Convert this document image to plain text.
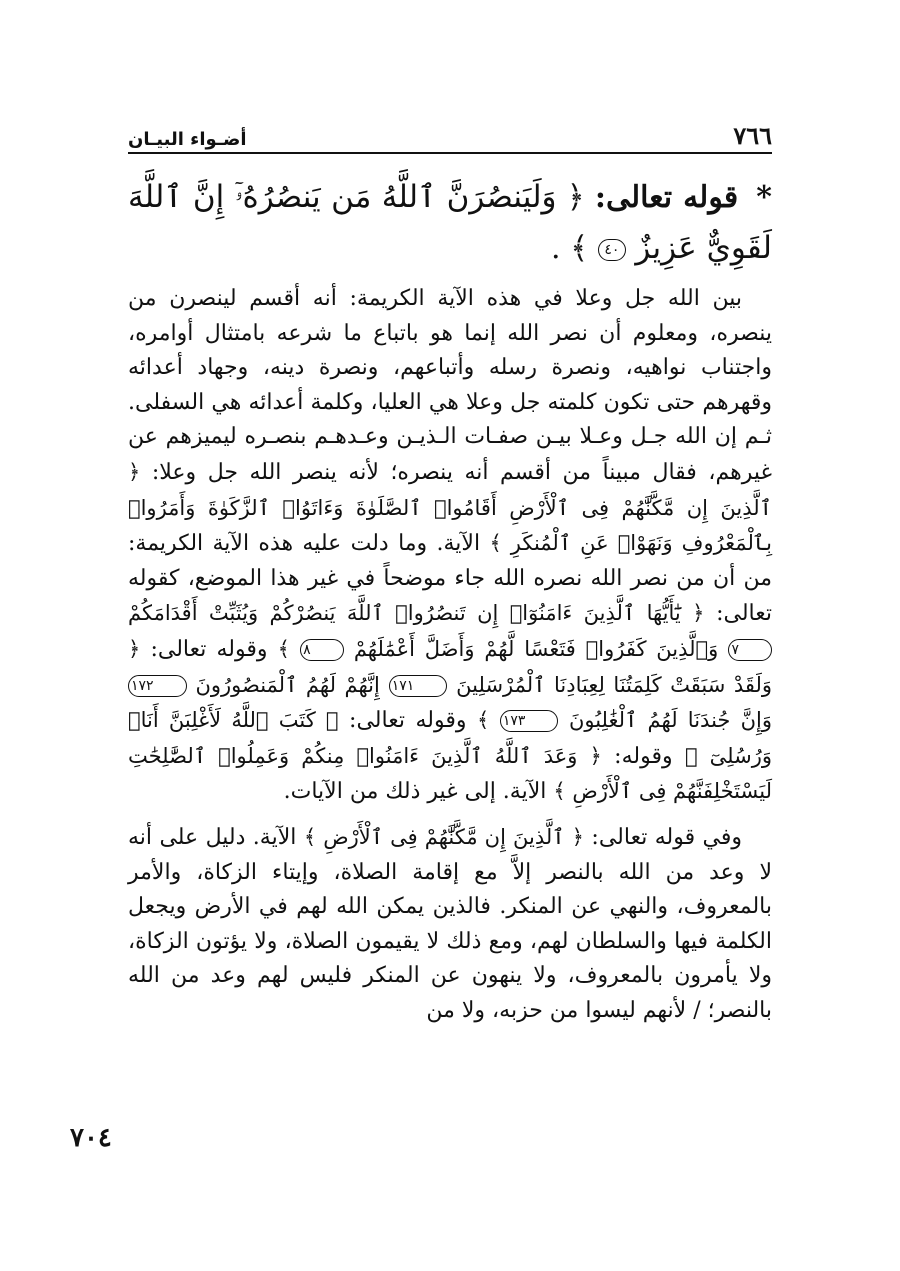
٧٦٦
أضـواء البيـان
* قوله تعالى: ﴿ وَلَيَنصُرَنَّ ٱللَّهُ مَن يَنصُرُهُۥٓ إِنَّ ٱللَّهَ لَقَوِيٌّ عَزِيزٌ ٤٠ ﴾ .

بين الله جل وعلا في هذه الآية الكريمة: أنه أقسم لينصرن من ينصره، ومعلوم أن نصر الله إنما هو باتباع ما شرعه بامتثال أوامره، واجتناب نواهيه، ونصرة رسله وأتباعهم، ونصرة دينه، وجهاد أعدائه وقهرهم حتى تكون كلمته جل وعلا هي العليا، وكلمة أعدائه هي السفلى. ثـم إن الله جـل وعـلا بيـن صفـات الـذيـن وعـدهـم بنصـره ليميزهم عن غيرهم، فقال مبيناً من أقسم أنه ينصره؛ لأنه ينصر الله جل وعلا: ﴿ ٱلَّذِينَ إِن مَّكَّنَّٰهُمْ فِى ٱلْأَرْضِ أَقَامُوا۟ ٱلصَّلَوٰةَ وَءَاتَوُا۟ ٱلزَّكَوٰةَ وَأَمَرُوا۟ بِٱلْمَعْرُوفِ وَنَهَوْا۟ عَنِ ٱلْمُنكَرِ ﴾ الآية. وما دلت عليه هذه الآية الكريمة: من أن من نصر الله نصره الله جاء موضحاً في غير هذا الموضع، كقوله تعالى: ﴿ يَٰٓأَيُّهَا ٱلَّذِينَ ءَامَنُوٓا۟ إِن تَنصُرُوا۟ ٱللَّهَ يَنصُرْكُمْ وَيُثَبِّتْ أَقْدَامَكُمْ ٧ وَٱلَّذِينَ كَفَرُوا۟ فَتَعْسًا لَّهُمْ وَأَضَلَّ أَعْمَٰلَهُمْ ٨ ﴾ وقوله تعالى: ﴿ وَلَقَدْ سَبَقَتْ كَلِمَتُنَا لِعِبَادِنَا ٱلْمُرْسَلِينَ ١٧١ إِنَّهُمْ لَهُمُ ٱلْمَنصُورُونَ ١٧٢ وَإِنَّ جُندَنَا لَهُمُ ٱلْغَٰلِبُونَ ١٧٣ ﴾ وقوله تعالى: ﴿ كَتَبَ ٱللَّهُ لَأَغْلِبَنَّ أَنَا۠ وَرُسُلِىٓ ﴾ وقوله: ﴿ وَعَدَ ٱللَّهُ ٱلَّذِينَ ءَامَنُوا۟ مِنكُمْ وَعَمِلُوا۟ ٱلصَّٰلِحَٰتِ لَيَسْتَخْلِفَنَّهُمْ فِى ٱلْأَرْضِ ﴾ الآية. إلى غير ذلك من الآيات.

وفي قوله تعالى: ﴿ ٱلَّذِينَ إِن مَّكَّنَّٰهُمْ فِى ٱلْأَرْضِ ﴾ الآية. دليل على أنه لا وعد من الله بالنصر إلاَّ مع إقامة الصلاة، وإيتاء الزكاة، والأمر بالمعروف، والنهي عن المنكر. فالذين يمكن الله لهم في الأرض ويجعل الكلمة فيها والسلطان لهم، ومع ذلك لا يقيمون الصلاة، ولا يؤتون الزكاة، ولا يأمرون بالمعروف، ولا ينهون عن المنكر فليس لهم وعد من الله بالنصر؛ / لأنهم ليسوا من حزبه، ولا من

٧٠٤
